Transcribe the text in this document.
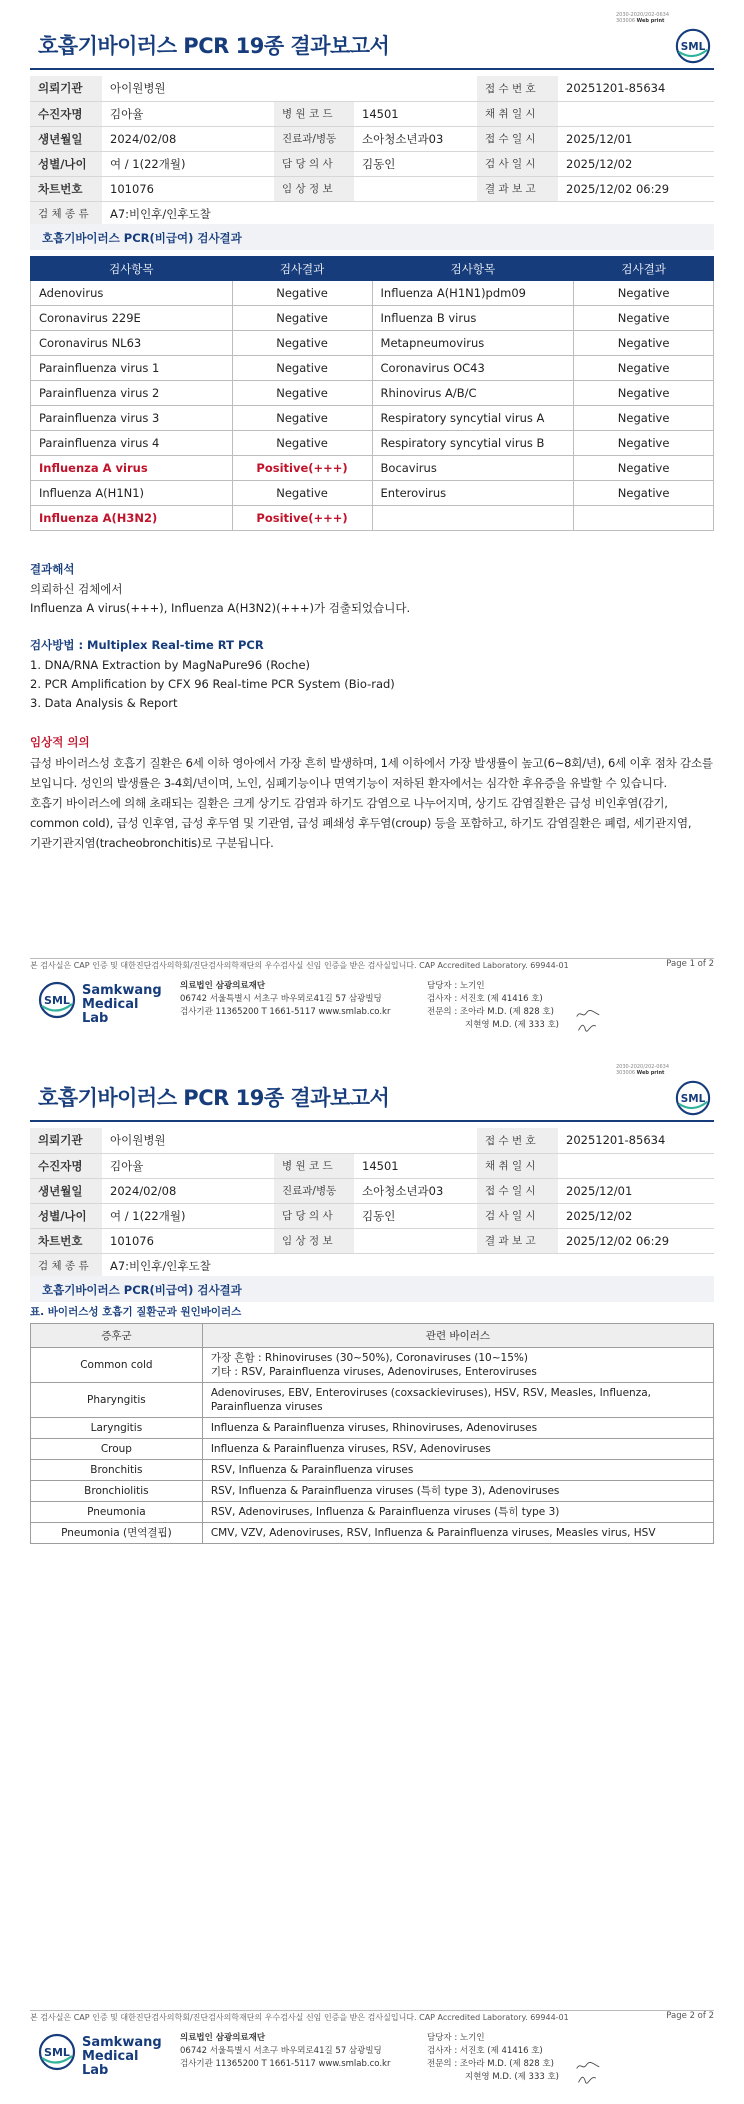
2030-2020/202-0634
303006 Web print
호흡기바이러스 PCR 19종 결과보고서	SML
의뢰기관	아이원병원			접 수 번 호	20251201-85634
수진자명	김아율	병 원 코 드	14501	채 취 일 시	
생년월일	2024/02/08	진료과/병동	소아청소년과03	접 수 일 시	2025/12/01
성별/나이	여 / 1(22개월)	담 당 의 사	김동인	검 사 일 시	2025/12/02
차트번호	101076	임 상 정 보		결 과 보 고	2025/12/02 06:29
검 체 종 류	A7:비인후/인후도찰				
호흡기바이러스 PCR(비급여) 검사결과
검사항목	검사결과	검사항목	검사결과
Adenovirus	Negative	Influenza A(H1N1)pdm09	Negative
Coronavirus 229E	Negative	Influenza B virus	Negative
Coronavirus NL63	Negative	Metapneumovirus	Negative
Parainfluenza virus 1	Negative	Coronavirus OC43	Negative
Parainfluenza virus 2	Negative	Rhinovirus A/B/C	Negative
Parainfluenza virus 3	Negative	Respiratory syncytial virus A	Negative
Parainfluenza virus 4	Negative	Respiratory syncytial virus B	Negative
Influenza A virus	Positive(+++)	Bocavirus	Negative
Influenza A(H1N1)	Negative	Enterovirus	Negative
Influenza A(H3N2)	Positive(+++)		
결과해석

의뢰하신 검체에서

Influenza A virus(+++), Influenza A(H3N2)(+++)가 검출되었습니다.

검사방법 : Multiplex Real-time RT PCR

1. DNA/RNA Extraction by MagNaPure96 (Roche)

2. PCR Amplification by CFX 96 Real-time PCR System (Bio-rad)

3. Data Analysis & Report

임상적 의의

급성 바이러스성 호흡기 질환은 6세 이하 영아에서 가장 흔히 발생하며, 1세 이하에서 가장 발생률이 높고(6~8회/년), 6세 이후 점차 감소를

보입니다. 성인의 발생률은 3-4회/년이며, 노인, 심폐기능이나 면역기능이 저하된 환자에서는 심각한 후유증을 유발할 수 있습니다.

호흡기 바이러스에 의해 초래되는 질환은 크게 상기도 감염과 하기도 감염으로 나누어지며, 상기도 감염질환은 급성 비인후염(감기,

common cold), 급성 인후염, 급성 후두염 및 기관염, 급성 폐쇄성 후두염(croup) 등을 포함하고, 하기도 감염질환은 폐렴, 세기관지염,

기관기관지염(tracheobronchitis)로 구분됩니다.

본 검사실은 CAP 인증 및 대한진단검사의학회/진단검사의학재단의 우수검사실 신임 인증을 받은 검사실입니다. CAP Accredited Laboratory. 69944-01	Page 1 of 2
SML
Samkwang
Medical Lab
의료법인 삼광의료재단
06742 서울특별시 서초구 바우뫼로41길 57 삼광빌딩
검사기관 11365200 T 1661-5117 www.smlab.co.kr
담당자 : 노기인
검사자 : 서진호 (제 41416 호)
전문의 : 조아라 M.D. (제 828 호)
지현영 M.D. (제 333 호)
2030-2020/202-0634
303006 Web print
호흡기바이러스 PCR 19종 결과보고서	SML
의뢰기관	아이원병원			접 수 번 호	20251201-85634
수진자명	김아율	병 원 코 드	14501	채 취 일 시	
생년월일	2024/02/08	진료과/병동	소아청소년과03	접 수 일 시	2025/12/01
성별/나이	여 / 1(22개월)	담 당 의 사	김동인	검 사 일 시	2025/12/02
차트번호	101076	임 상 정 보		결 과 보 고	2025/12/02 06:29
검 체 종 류	A7:비인후/인후도찰				
호흡기바이러스 PCR(비급여) 검사결과
표. 바이러스성 호흡기 질환군과 원인바이러스
증후군	관련 바이러스
Common cold	가장 흔함 : Rhinoviruses (30~50%), Coronaviruses (10~15%)
기타 : RSV, Parainfluenza viruses, Adenoviruses, Enteroviruses

Pharyngitis	Adenoviruses, EBV, Enteroviruses (coxsackieviruses), HSV, RSV, Measles, Influenza,
Parainfluenza viruses

Laryngitis	Influenza & Parainfluenza viruses, Rhinoviruses, Adenoviruses

Croup	Influenza & Parainfluenza viruses, RSV, Adenoviruses

Bronchitis	RSV, Influenza & Parainfluenza viruses

Bronchiolitis	RSV, Influenza & Parainfluenza viruses (특히 type 3), Adenoviruses

Pneumonia	RSV, Adenoviruses, Influenza & Parainfluenza viruses (특히 type 3)

Pneumonia (면역결핍)	CMV, VZV, Adenoviruses, RSV, Influenza & Parainfluenza viruses, Measles virus, HSV
본 검사실은 CAP 인증 및 대한진단검사의학회/진단검사의학재단의 우수검사실 신임 인증을 받은 검사실입니다. CAP Accredited Laboratory. 69944-01	Page 2 of 2
SML
Samkwang
Medical Lab
의료법인 삼광의료재단
06742 서울특별시 서초구 바우뫼로41길 57 삼광빌딩
검사기관 11365200 T 1661-5117 www.smlab.co.kr
담당자 : 노기인
검사자 : 서진호 (제 41416 호)
전문의 : 조아라 M.D. (제 828 호)
지현영 M.D. (제 333 호)
